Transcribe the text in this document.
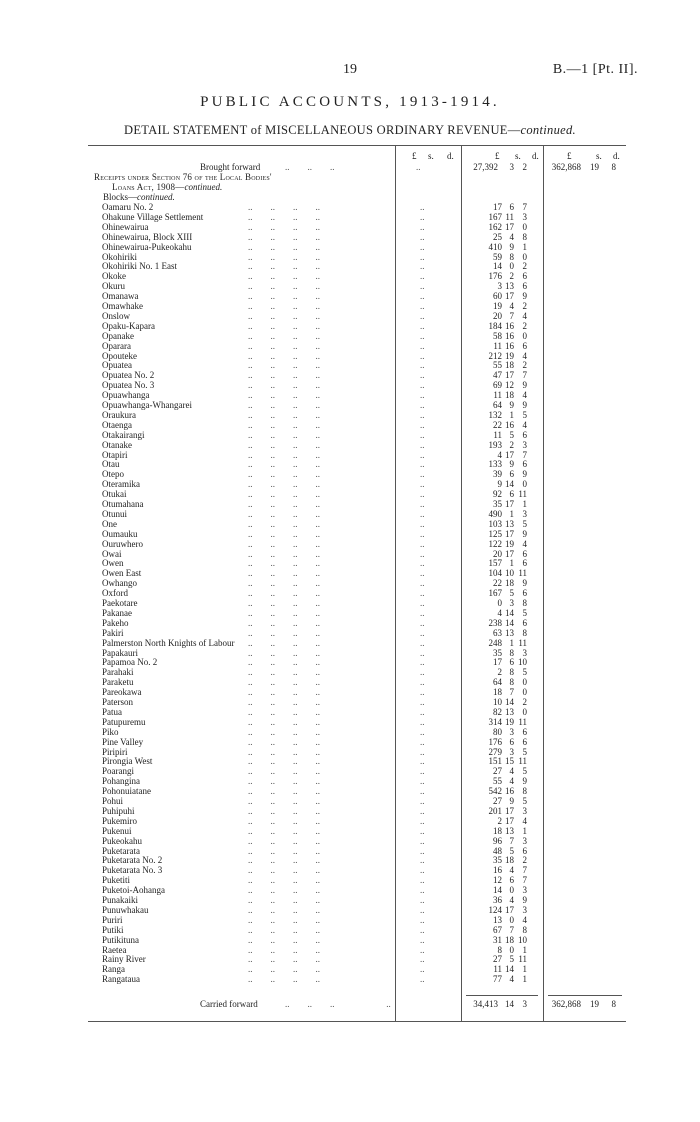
19	B.—1 [Pt. II].
PUBLIC ACCOUNTS, 1913-1914.
DETAIL STATEMENT of MISCELLANEOUS ORDINARY REVENUE—continued.
£ s. d.	£ s. d.	£	s. d.
Brought forward	..        ..        ..	..	27,392 3 2	362,868 19 8
Receipts under Section 76 of the Local Bodies'
Loans Act, 1908—continued.
Blocks—continued.
Oamaru No. 2	..        ..        ..        ..	..	17 6 7
Ohakune Village Settlement	..        ..        ..        ..	..	167 11 3
Ohinewairua	..        ..        ..        ..	..	162 17 0
Ohinewairua, Block XIII	..        ..        ..        ..	..	25 4 8
Ohinewairua-Pukeokahu	..        ..        ..        ..	..	410 9 1
Okohiriki	..        ..        ..        ..	..	59 8 0
Okohiriki No. 1 East	..        ..        ..        ..	..	14 0 2
Okoke	..        ..        ..        ..	..	176 2 6
Okuru	..        ..        ..        ..	..	3 13 6
Omanawa	..        ..        ..        ..	..	60 17 9
Omawhake	..        ..        ..        ..	..	19 4 2
Onslow	..        ..        ..        ..	..	20 7 4
Opaku-Kapara	..        ..        ..        ..	..	184 16 2
Opanake	..        ..        ..        ..	..	58 16 0
Oparara	..        ..        ..        ..	..	11 16 6
Opouteke	..        ..        ..        ..	..	212 19 4
Opuatea	..        ..        ..        ..	..	55 18 2
Opuatea No. 2	..        ..        ..        ..	..	47 17 7
Opuatea No. 3	..        ..        ..        ..	..	69 12 9
Opuawhanga	..        ..        ..        ..	..	11 18 4
Opuawhanga-Whangarei	..        ..        ..        ..	..	64 9 9
Oraukura	..        ..        ..        ..	..	132 1 5
Otaenga	..        ..        ..        ..	..	22 16 4
Otakairangi	..        ..        ..        ..	..	11 5 6
Otanake	..        ..        ..        ..	..	193 2 3
Otapiri	..        ..        ..        ..	..	4 17 7
Otau	..        ..        ..        ..	..	133 9 6
Otepo	..        ..        ..        ..	..	39 6 9
Oteramika	..        ..        ..        ..	..	9 14 0
Otukai	..        ..        ..        ..	..	92 6 11
Otumahana	..        ..        ..        ..	..	35 17 1
Otunui	..        ..        ..        ..	..	490 1 3
One	..        ..        ..        ..	..	103 13 5
Oumauku	..        ..        ..        ..	..	125 17 9
Ouruwhero	..        ..        ..        ..	..	122 19 4
Owai	..        ..        ..        ..	..	20 17 6
Owen	..        ..        ..        ..	..	157 1 6
Owen East	..        ..        ..        ..	..	104 10 11
Owhango	..        ..        ..        ..	..	22 18 9
Oxford	..        ..        ..        ..	..	167 5 6
Paekotare	..        ..        ..        ..	..	0 3 8
Pakanae	..        ..        ..        ..	..	4 14 5
Pakeho	..        ..        ..        ..	..	238 14 6
Pakiri	..        ..        ..        ..	..	63 13 8
Palmerston North Knights of Labour ..        ..        ..        ..	..	248 1 11
Papakauri	..        ..        ..        ..	..	35 8 3
Papamoa No. 2	..        ..        ..        ..	..	17 6 10
Parahaki	..        ..        ..        ..	..	2 8 5
Paraketu	..        ..        ..        ..	..	64 8 0
Pareokawa	..        ..        ..        ..	..	18 7 0
Paterson	..        ..        ..        ..	..	10 14 2
Patua	..        ..        ..        ..	..	82 13 0
Patupuremu	..        ..        ..        ..	..	314 19 11
Piko	..        ..        ..        ..	..	80 3 6
Pine Valley	..        ..        ..        ..	..	176 6 6
Piripiri	..        ..        ..        ..	..	279 3 5
Pirongia West	..        ..        ..        ..	..	151 15 11
Poarangi	..        ..        ..        ..	..	27 4 5
Pohangina	..        ..        ..        ..	..	55 4 9
Pohonuiatane	..        ..        ..        ..	..	542 16 8
Pohui	..        ..        ..        ..	..	27 9 5
Puhipuhi	..        ..        ..        ..	..	201 17 3
Pukemiro	..        ..        ..        ..	..	2 17 4
Pukenui	..        ..        ..        ..	..	18 13 1
Pukeokahu	..        ..        ..        ..	..	96 7 3
Puketarata	..        ..        ..        ..	..	48 5 6
Puketarata No. 2	..        ..        ..        ..	..	35 18 2
Puketarata No. 3	..        ..        ..        ..	..	16 4 7
Puketiti	..        ..        ..        ..	..	12 6 7
Puketoi-Aohanga	..        ..        ..        ..	..	14 0 3
Punakaiki	..        ..        ..        ..	..	36 4 9
Punuwhakau	..        ..        ..        ..	..	124 17 3
Puriri	..        ..        ..        ..	..	13 0 4
Putiki	..        ..        ..        ..	..	67 7 8
Putikituna	..        ..        ..        ..	..	31 18 10
Raetea	..        ..        ..        ..	..	8 0 1
Rainy River	..        ..        ..        ..	..	27 5 11
Ranga	..        ..        ..        ..	..	11 14 1
Rangataua	..        ..        ..        ..	..	77 4 1
Carried forward	..        ..        ..                       ..	34,413 14 3	362,868 19 8
